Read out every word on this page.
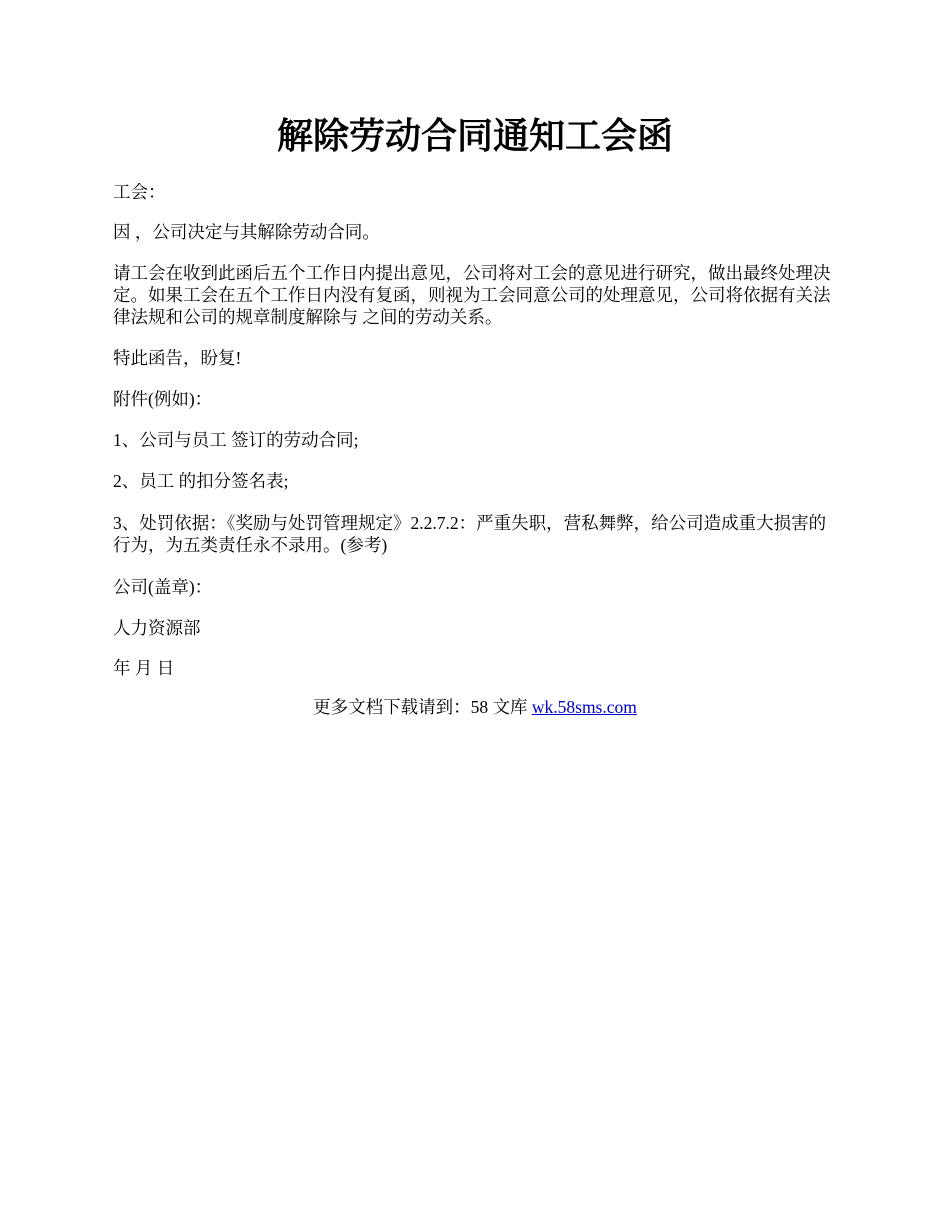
解除劳动合同通知工会函

工会：

因 ，公司决定与其解除劳动合同。

请工会在收到此函后五个工作日内提出意见，公司将对工会的意见进行研究，做出最终处理决定。如果工会在五个工作日内没有复函，则视为工会同意公司的处理意见，公司将依据有关法律法规和公司的规章制度解除与 之间的劳动关系。

特此函告，盼复!

附件(例如)：

1、公司与员工 签订的劳动合同;

2、员工 的扣分签名表;

3、处罚依据：《奖励与处罚管理规定》2.2.7.2：严重失职，营私舞弊，给公司造成重大损害的行为，为五类责任永不录用。(参考)

公司(盖章)：

人力资源部

年 月 日

更多文档下载请到：58 文库 wk.58sms.com
